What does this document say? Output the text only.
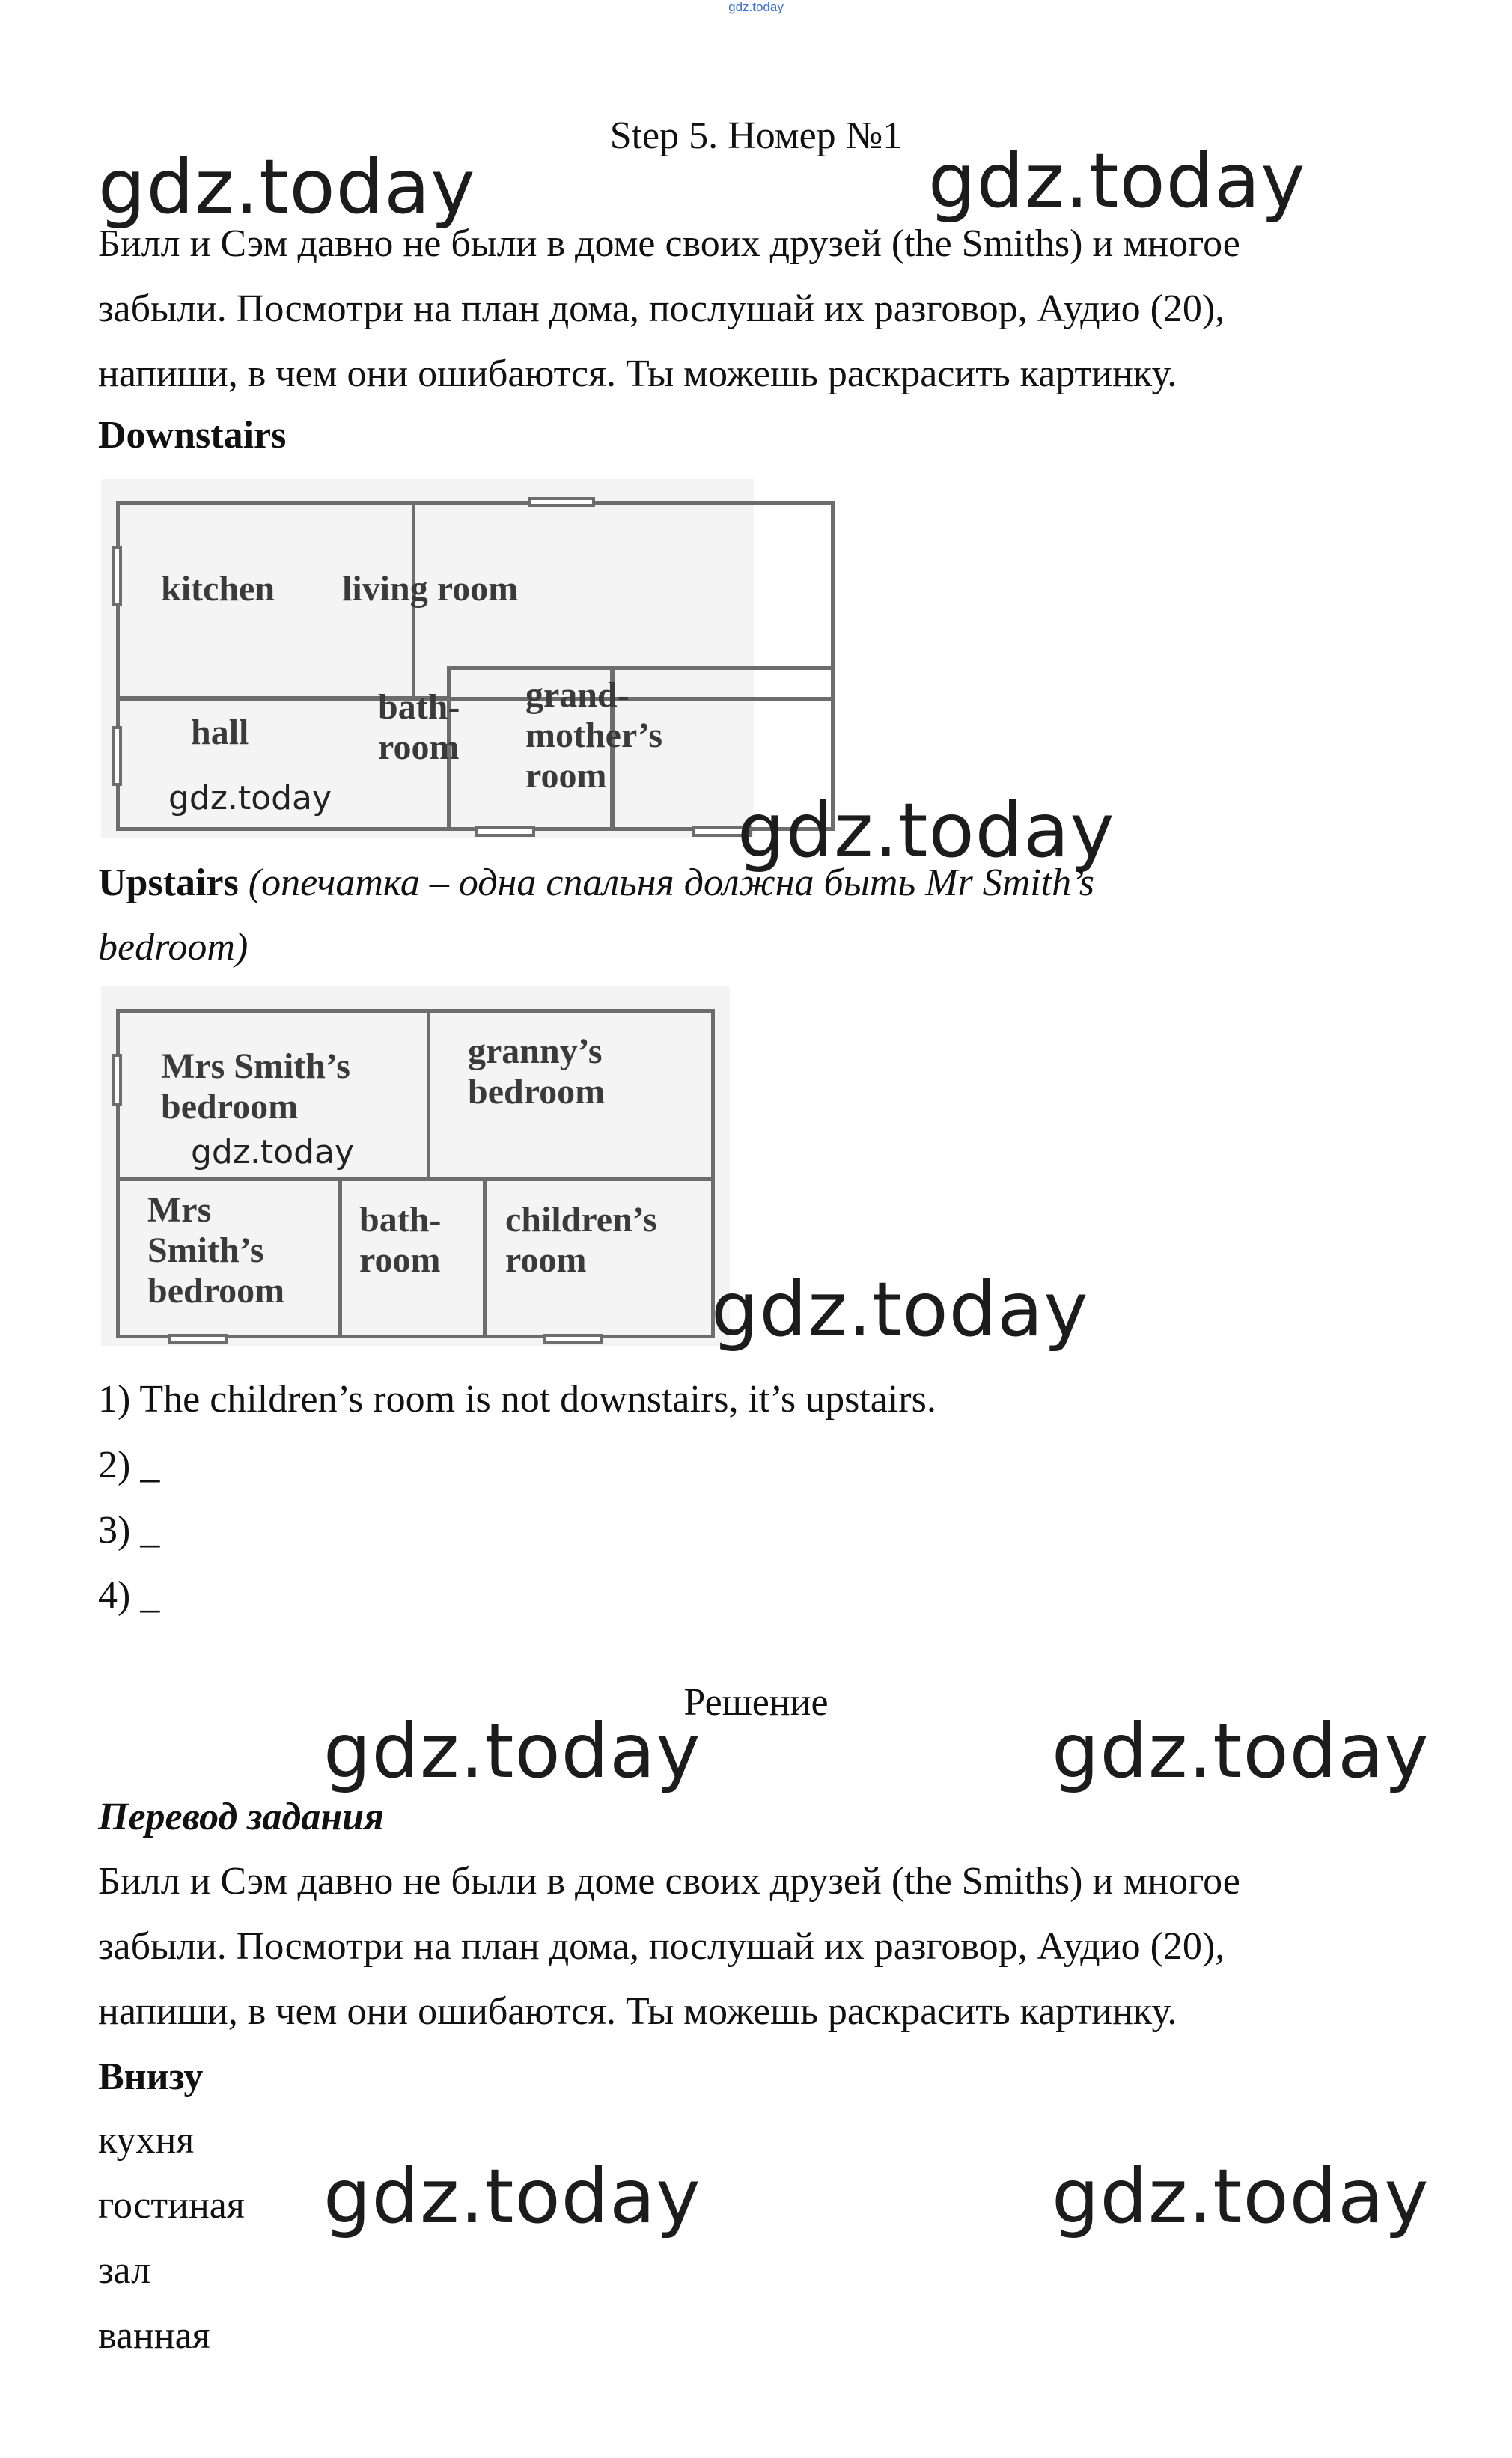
gdz.today
Step 5. Номер №1
gdz.today	gdz.today

Билл и Сэм давно не были в доме своих друзей (the Smiths) и многое

забыли. Посмотри на план дома, послушай их разговор, Аудио (20),

напиши, в чем они ошибаются. Ты можешь раскрасить картинку.

Downstairs
kitchen living room
hall
bath-
room
grand-
mother’s
room
gdz.today	gdz.today
Upstairs (опечатка – одна спальня должна быть Mr Smith’s
bedroom)
Mrs Smith’s
bedroom
granny’s
bedroom
Mrs
Smith’s
bedroom
bath-
room
children’s
room
gdz.today
gdz.today
1) The children’s room is not downstairs, it’s upstairs.
2) _
3) _
4) _
Решение
gdz.today	gdz.today
Перевод задания

Билл и Сэм давно не были в доме своих друзей (the Smiths) и многое

забыли. Посмотри на план дома, послушай их разговор, Аудио (20),

напиши, в чем они ошибаются. Ты можешь раскрасить картинку.

Внизу
кухня
гостиная
зал
ванная
gdz.today	gdz.today
